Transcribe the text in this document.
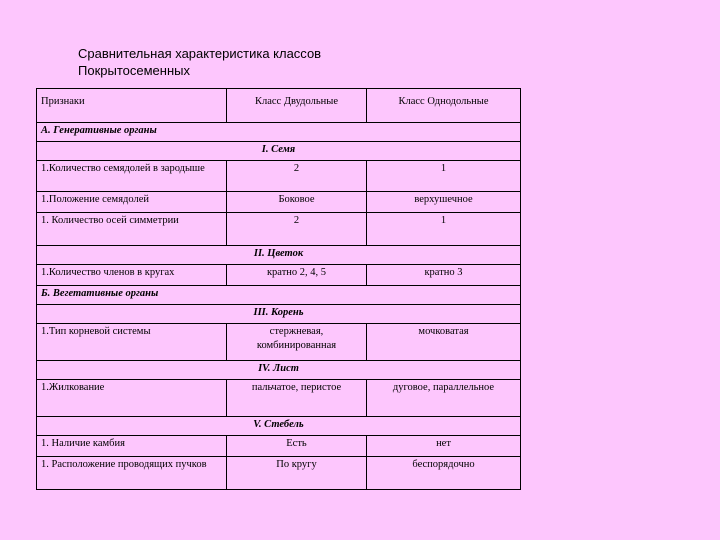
Сравнительная характеристика классов
Покрытосеменных
Признаки	Класс Двудольные	Класс Однодольные
А. Генеративные органы		
I. Семя		
1.Количество семядолей в зародыше	2	1
1.Положение семядолей	Боковое	верхушечное
1. Количество осей симметрии	2	1
II. Цветок		
1.Количество членов в кругах	кратно 2, 4, 5	кратно 3
Б. Вегетативные органы		
III. Корень		
1.Тип корневой системы	стержневая, комбинированная	мочковатая
IV. Лист		
1.Жилкование	пальчатое, перистое	дуговое, параллельное
V. Стебель		
1. Наличие камбия	Есть	нет
1. Расположение проводящих пучков	По кругу	беспорядочно
